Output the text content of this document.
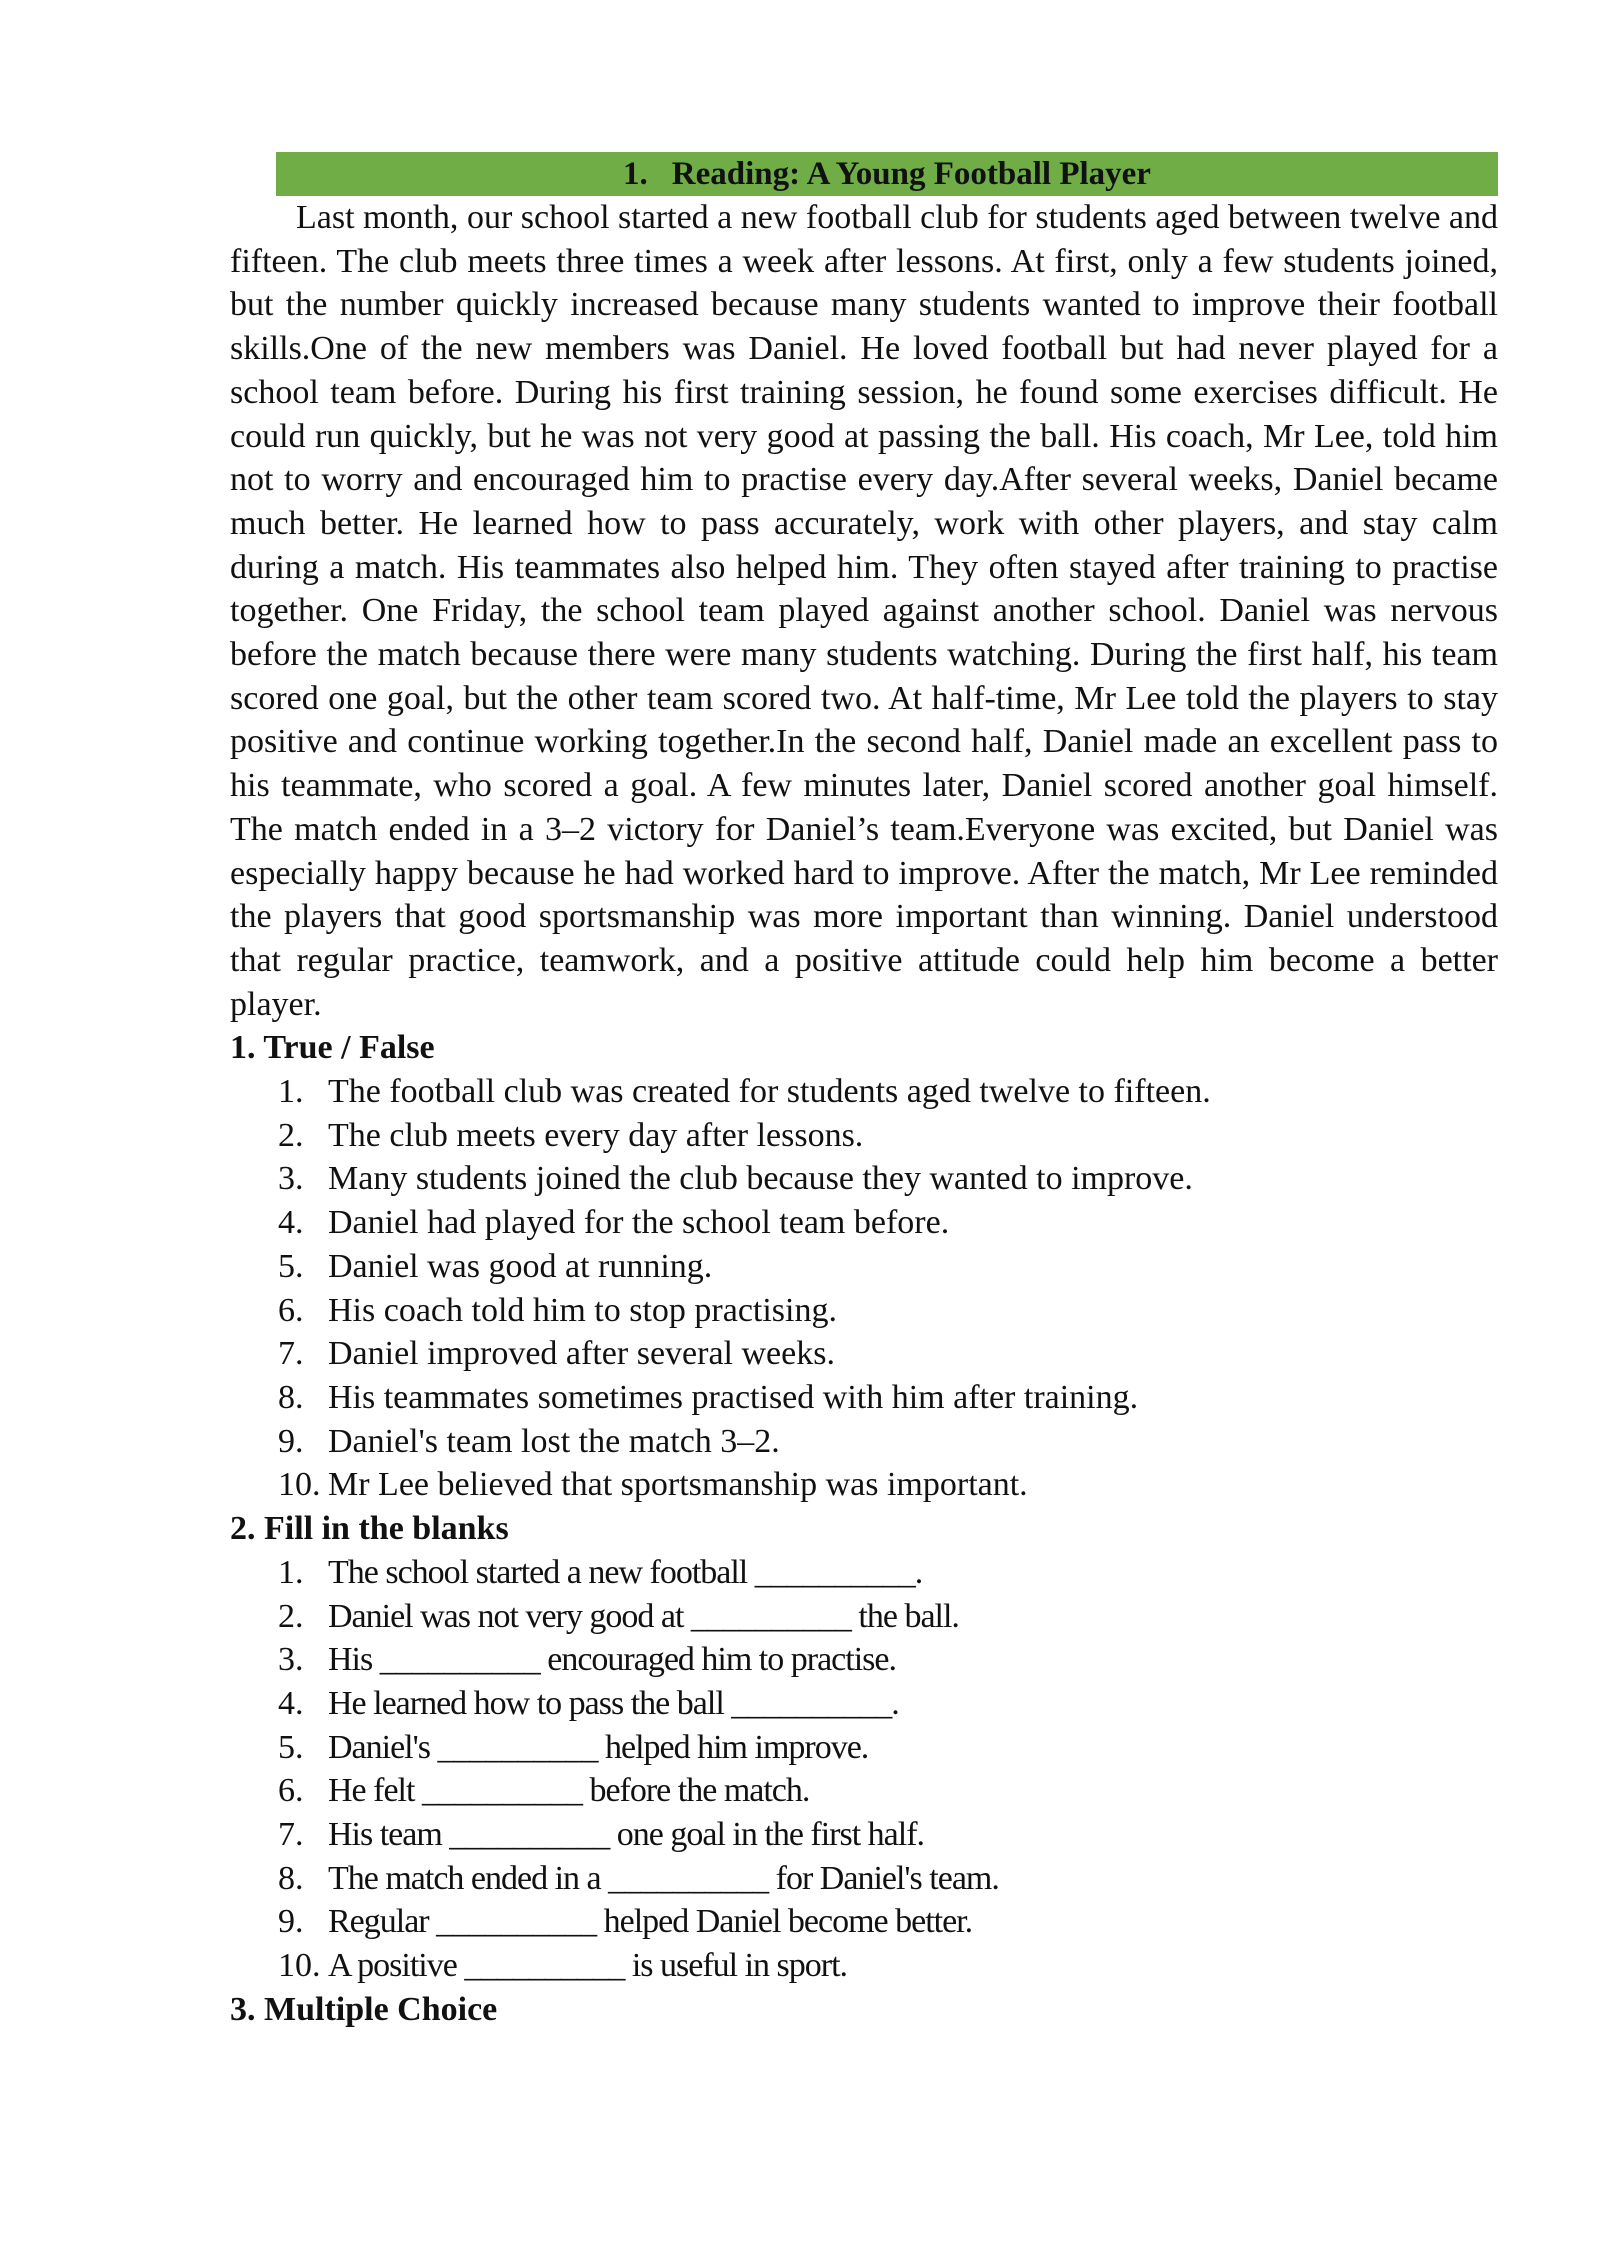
1. Reading: A Young Football Player

Last month, our school started a new football club for students aged between twelve and fifteen. The club meets three times a week after lessons. At first, only a few students joined, but the number quickly increased because many students wanted to improve their football skills.One of the new members was Daniel. He loved football but had never played for a school team before. During his first training session, he found some exercises difficult. He could run quickly, but he was not very good at passing the ball. His coach, Mr Lee, told him not to worry and encouraged him to practise every day.After several weeks, Daniel became much better. He learned how to pass accurately, work with other players, and stay calm during a match. His teammates also helped him. They often stayed after training to practise together. One Friday, the school team played against another school. Daniel was nervous before the match because there were many students watching. During the first half, his team scored one goal, but the other team scored two. At half-time, Mr Lee told the players to stay positive and continue working together.In the second half, Daniel made an excellent pass to his teammate, who scored a goal. A few minutes later, Daniel scored another goal himself. The match ended in a 3–2 victory for Daniel’s team.Everyone was excited, but Daniel was especially happy because he had worked hard to improve. After the match, Mr Lee reminded the players that good sportsmanship was more important than winning. Daniel understood that regular practice, teamwork, and a positive attitude could help him become a better player.

1. True / False
1. The football club was created for students aged twelve to fifteen.
2. The club meets every day after lessons.
3. Many students joined the club because they wanted to improve.
4. Daniel had played for the school team before.
5. Daniel was good at running.
6. His coach told him to stop practising.
7. Daniel improved after several weeks.
8. His teammates sometimes practised with him after training.
9. Daniel's team lost the match 3–2.
10. Mr Lee believed that sportsmanship was important.
2. Fill in the blanks
1. The school started a new football __________.
2. Daniel was not very good at __________ the ball.
3. His __________ encouraged him to practise.
4. He learned how to pass the ball __________.
5. Daniel's __________ helped him improve.
6. He felt __________ before the match.
7. His team __________ one goal in the first half.
8. The match ended in a __________ for Daniel's team.
9. Regular __________ helped Daniel become better.
10. A positive __________ is useful in sport.
3. Multiple Choice
